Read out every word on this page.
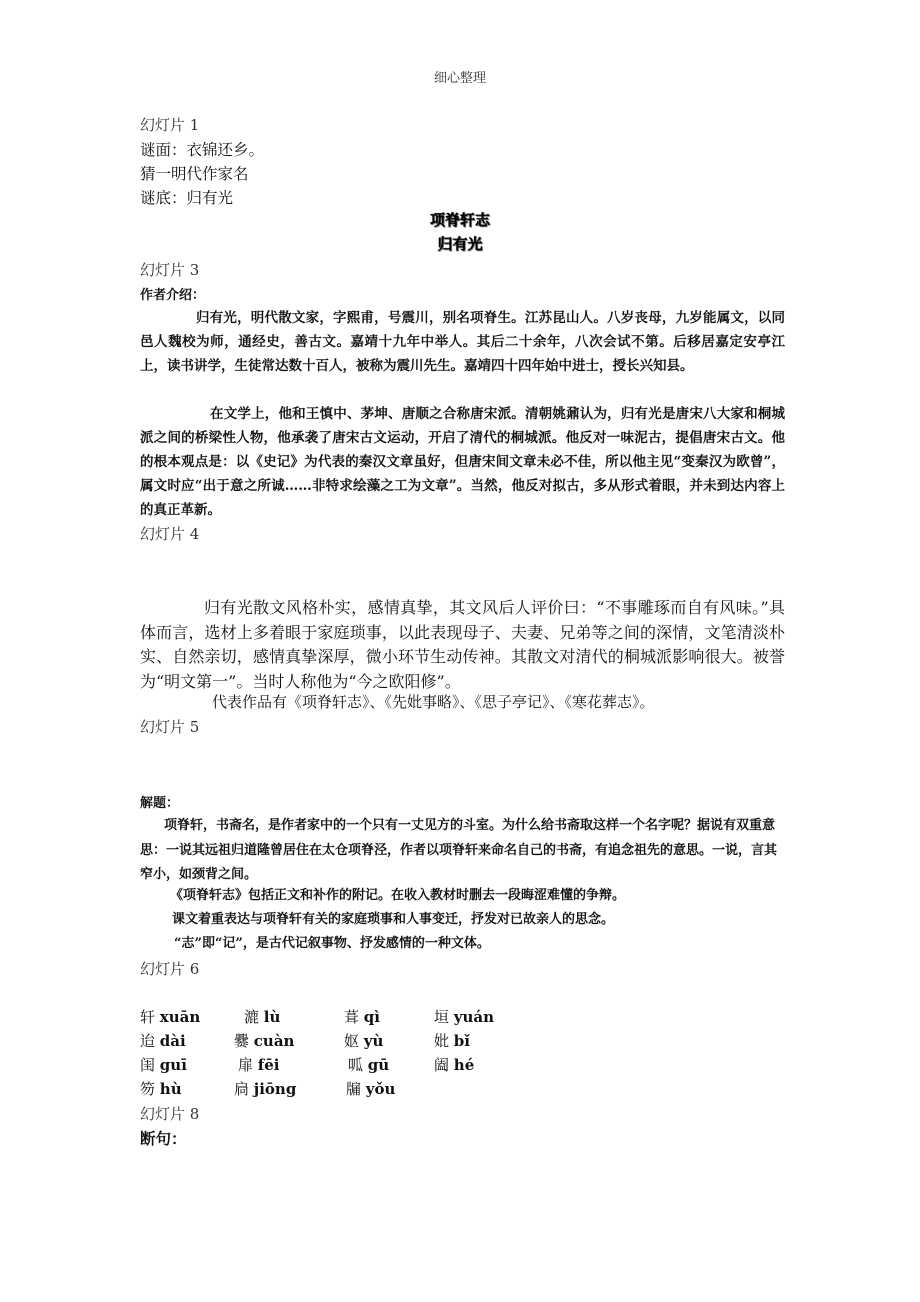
细心整理
幻灯片 1
谜面：衣锦还乡。
猜一明代作家名
谜底：归有光
项脊轩志
归有光
幻灯片 3
作者介绍：
归有光，明代散文家，字熙甫，号震川，别名项脊生。江苏昆山人。八岁丧母，九岁能属文，以同邑人魏校为师，通经史，善古文。嘉靖十九年中举人。其后二十余年，八次会试不第。后移居嘉定安亭江上，读书讲学，生徒常达数十百人，被称为震川先生。嘉靖四十四年始中进士，授长兴知县。
在文学上，他和王慎中、茅坤、唐顺之合称唐宋派。清朝姚鼐认为，归有光是唐宋八大家和桐城派之间的桥梁性人物，他承袭了唐宋古文运动，开启了清代的桐城派。他反对一味泥古，提倡唐宋古文。他的根本观点是：以《史记》为代表的秦汉文章虽好，但唐宋间文章未必不佳，所以他主见“变秦汉为欧曾”，属文时应“出于意之所诚……非特求绘藻之工为文章”。当然，他反对拟古，多从形式着眼，并未到达内容上的真正革新。
幻灯片 4
归有光散文风格朴实，感情真挚，其文风后人评价曰：“不事雕琢而自有风味。”具体而言，选材上多着眼于家庭琐事，以此表现母子、夫妻、兄弟等之间的深情，文笔清淡朴实、自然亲切，感情真挚深厚，微小环节生动传神。其散文对清代的桐城派影响很大。被誉为“明文第一”。当时人称他为“今之欧阳修”。
代表作品有《项脊轩志》、《先妣事略》、《思子亭记》、《寒花葬志》。
幻灯片 5
解题：
项脊轩，书斋名，是作者家中的一个只有一丈见方的斗室。为什么给书斋取这样一个名字呢？据说有双重意思：一说其远祖归道隆曾居住在太仓项脊泾，作者以项脊轩来命名自己的书斋，有追念祖先的意思。一说，言其窄小，如颈背之间。
《项脊轩志》包括正文和补作的附记。在收入教材时删去一段晦涩难懂的争辩。
课文着重表达与项脊轩有关的家庭琐事和人事变迁，抒发对已故亲人的思念。
“志”即“记”，是古代记叙事物、抒发感情的一种文体。
幻灯片 6
轩 xuān	漉 lù	葺 qì	垣 yuán
迨 dài	爨 cuàn	妪 yù	妣 bǐ
闺 guī	扉 fēi	呱 gū	阖 hé
笏 hù	扃 jiōng	牖 yǒu
幻灯片 8
断句：
